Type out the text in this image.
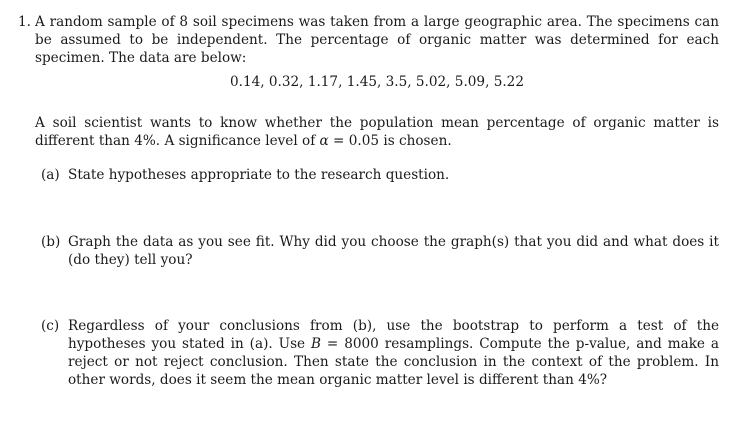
1. A random sample of 8 soil specimens was taken from a large geographic area. The specimens can be assumed to be independent. The percentage of organic matter was determined for each specimen. The data are below:
0.14, 0.32, 1.17, 1.45, 3.5, 5.02, 5.09, 5.22
A soil scientist wants to know whether the population mean percentage of organic matter is different than 4%. A significance level of α = 0.05 is chosen.
(a) State hypotheses appropriate to the research question.
(b) Graph the data as you see fit. Why did you choose the graph(s) that you did and what does it (do they) tell you?
(c) Regardless of your conclusions from (b), use the bootstrap to perform a test of the hypotheses you stated in (a). Use B = 8000 resamplings. Compute the p-value, and make a reject or not reject conclusion. Then state the conclusion in the context of the problem. In other words, does it seem the mean organic matter level is different than 4%?
